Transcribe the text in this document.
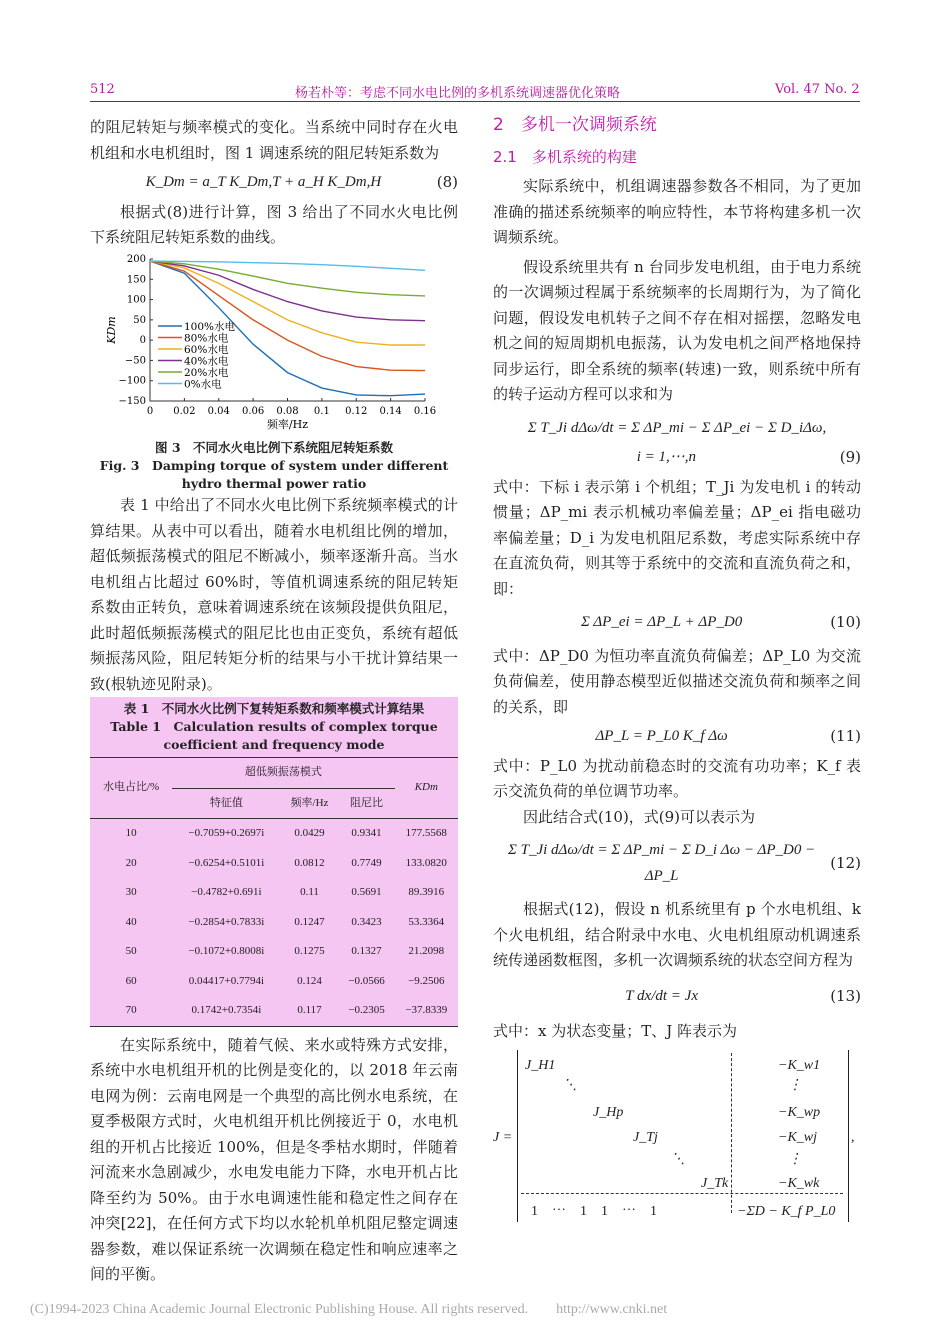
512	杨若朴等：考虑不同水电比例的多机系统调速器优化策略	Vol. 47 No. 2

的阻尼转矩与频率模式的变化。当系统中同时存在火电机组和水电机组时，图 1 调速系统的阻尼转矩系数为

K_Dm = a_T K_Dm,T + a_H K_Dm,H	(8)

根据式(8)进行计算，图 3 给出了不同水火电比例下系统阻尼转矩系数的曲线。

0 0.02 0.04 0.06 0.08 0.1 0.12 0.14 0.16
200
150
100
50
0
−50
−100
−150
频率/Hz
KDm	100%水电
80%水电
60%水电
40%水电
20%水电
0%水电
图 3　不同水火电比例下系统阻尼转矩系数
Fig. 3　Damping torque of system under different hydro thermal power ratio

表 1 中给出了不同水火电比例下系统频率模式的计算结果。从表中可以看出，随着水电机组比例的增加，超低频振荡模式的阻尼不断减小，频率逐渐升高。当水电机组占比超过 60%时，等值机调速系统的阻尼转矩系数由正转负，意味着调速系统在该频段提供负阻尼，此时超低频振荡模式的阻尼比也由正变负，系统有超低频振荡风险，阻尼转矩分析的结果与小干扰计算结果一致(根轨迹见附录)。

表 1　不同水火比例下复转矩系数和频率模式计算结果
Table 1　Calculation results of complex torque coefficient and frequency mode
水电占比/%	超低频振荡模式			KDm
	特征值	频率/Hz	阻尼比	
10	−0.7059+0.2697i	0.0429	0.9341	177.5568
20	−0.6254+0.5101i	0.0812	0.7749	133.0820
30	−0.4782+0.691i	0.11	0.5691	89.3916
40	−0.2854+0.7833i	0.1247	0.3423	53.3364
50	−0.1072+0.8008i	0.1275	0.1327	21.2098
60	0.04417+0.7794i	0.124	−0.0566	−9.2506
70	0.1742+0.7354i	0.117	−0.2305	−37.8339

在实际系统中，随着气候、来水或特殊方式安排，系统中水电机组开机的比例是变化的，以 2018 年云南电网为例：云南电网是一个典型的高比例水电系统，在夏季极限方式时，火电机组开机比例接近于 0，水电机组的开机占比接近 100%，但是冬季枯水期时，伴随着河流来水急剧减少，水电发电能力下降，水电开机占比降至约为 50%。由于水电调速性能和稳定性之间存在冲突[22]，在任何方式下均以水轮机单机阻尼整定调速器参数，难以保证系统一次调频在稳定性和响应速率之间的平衡。

2　多机一次调频系统
2.1　多机系统的构建

实际系统中，机组调速器参数各不相同，为了更加准确的描述系统频率的响应特性，本节将构建多机一次调频系统。

假设系统里共有 n 台同步发电机组，由于电力系统的一次调频过程属于系统频率的长周期行为，为了简化问题，假设发电机转子之间不存在相对摇摆，忽略发电机之间的短周期机电振荡，认为发电机之间严格地保持同步运行，即全系统的频率(转速)一致，则系统中所有的转子运动方程可以求和为

Σ T_Ji dΔω/dt = Σ ΔP_mi − Σ ΔP_ei − Σ D_iΔω,
i = 1,⋯,n	(9)

式中：下标 i 表示第 i 个机组；T_Ji 为发电机 i 的转动惯量；ΔP_mi 表示机械功率偏差量；ΔP_ei 指电磁功率偏差量；D_i 为发电机阻尼系数，考虑实际系统中存在直流负荷，则其等于系统中的交流和直流负荷之和，即：

Σ ΔP_ei = ΔP_L + ΔP_D0	(10)

式中：ΔP_D0 为恒功率直流负荷偏差；ΔP_L0 为交流负荷偏差，使用静态模型近似描述交流负荷和频率之间的关系，即

ΔP_L = P_L0 K_f Δω	(11)

式中：P_L0 为扰动前稳态时的交流有功功率；K_f 表示交流负荷的单位调节功率。

因此结合式(10)，式(9)可以表示为

Σ T_Ji dΔω/dt = Σ ΔP_mi − Σ D_i Δω − ΔP_D0 − ΔP_L
(12)

根据式(12)，假设 n 机系统里有 p 个水电机组、k 个火电机组，结合附录中水电、火电机组原动机调速系统传递函数框图，多机一次调频系统的状态空间方程为

T dx/dt = Jx	(13)

式中：x 为状态变量；T、J 阵表示为

J =
J_H1
⋱
J_Hp
J_Tj
⋱
J_Tk
−K_w1
⋮
−K_wp
−K_wj
⋮
−K_wk
1　⋯　1　1　⋯　1	−ΣD − K_f P_L0
,
(C)1994-2023 China Academic Journal Electronic Publishing House. All rights reserved.　　http://www.cnki.net
